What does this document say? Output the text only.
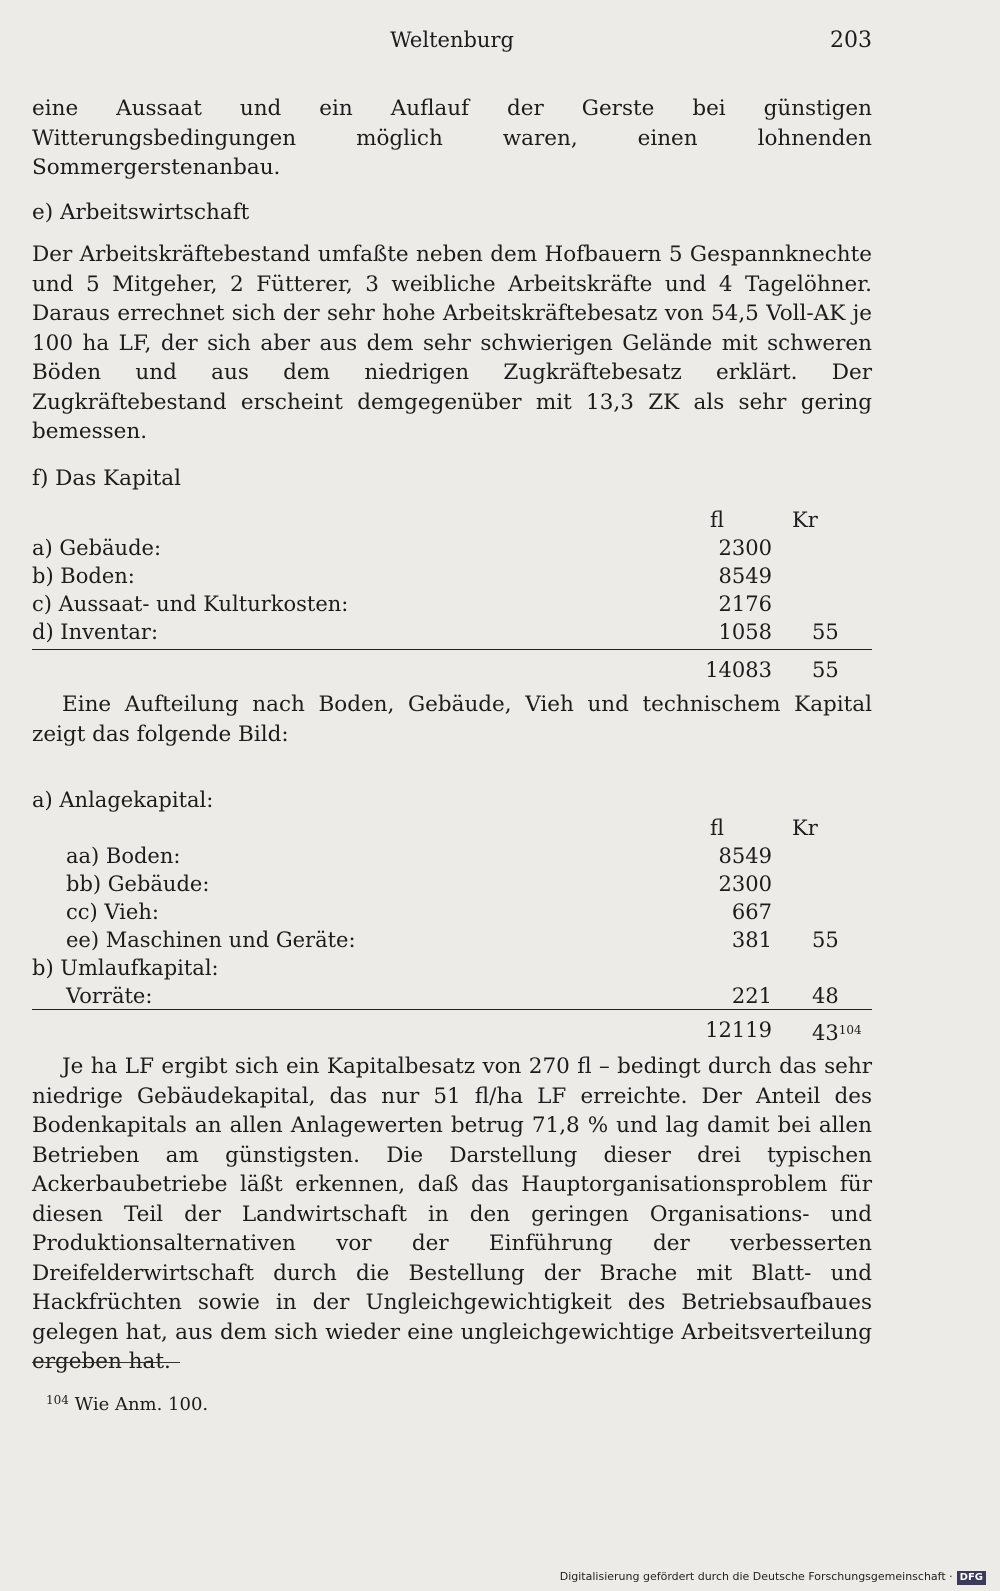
Weltenburg	203

eine Aussaat und ein Auflauf der Gerste bei günstigen Witterungsbedingungen möglich waren, einen lohnenden Sommergerstenanbau.

e) Arbeitswirtschaft

Der Arbeitskräftebestand umfaßte neben dem Hofbauern 5 Gespannknechte und 5 Mitgeher, 2 Fütterer, 3 weibliche Arbeitskräfte und 4 Tagelöhner. Daraus errechnet sich der sehr hohe Arbeitskräftebesatz von 54,5 Voll-AK je 100 ha LF, der sich aber aus dem sehr schwierigen Gelände mit schweren Böden und aus dem niedrigen Zugkräftebesatz erklärt. Der Zugkräftebestand erscheint demgegenüber mit 13,3 ZK als sehr gering bemessen.

f) Das Kapital

fl	Kr
a) Gebäude:	2300
b) Boden:	8549
c) Aussaat- und Kulturkosten:	2176
d) Inventar:	1058 55
14083 55

Eine Aufteilung nach Boden, Gebäude, Vieh und technischem Kapital zeigt das folgende Bild:

a) Anlagekapital:
fl	Kr
aa) Boden:	8549
bb) Gebäude:	2300
cc) Vieh:	667
ee) Maschinen und Geräte:	381 55
b) Umlaufkapital:
Vorräte:	221 48
12119 $43^{104}$

Je ha LF ergibt sich ein Kapitalbesatz von 270 fl – bedingt durch das sehr niedrige Gebäudekapital, das nur 51 fl/ha LF erreichte. Der Anteil des Bodenkapitals an allen Anlagewerten betrug 71,8 % und lag damit bei allen Betrieben am günstigsten. Die Darstellung dieser drei typischen Ackerbaubetriebe läßt erkennen, daß das Hauptorganisationsproblem für diesen Teil der Landwirtschaft in den geringen Organisations- und Produktionsalternativen vor der Einführung der verbesserten Dreifelderwirtschaft durch die Bestellung der Brache mit Blatt- und Hackfrüchten sowie in der Ungleichgewichtigkeit des Betriebsaufbaues gelegen hat, aus dem sich wieder eine ungleichgewichtige Arbeitsverteilung ergeben hat.

$^{104}$ Wie Anm. 100.
Digitalisierung gefördert durch die Deutsche Forschungsgemeinschaft · DFG
